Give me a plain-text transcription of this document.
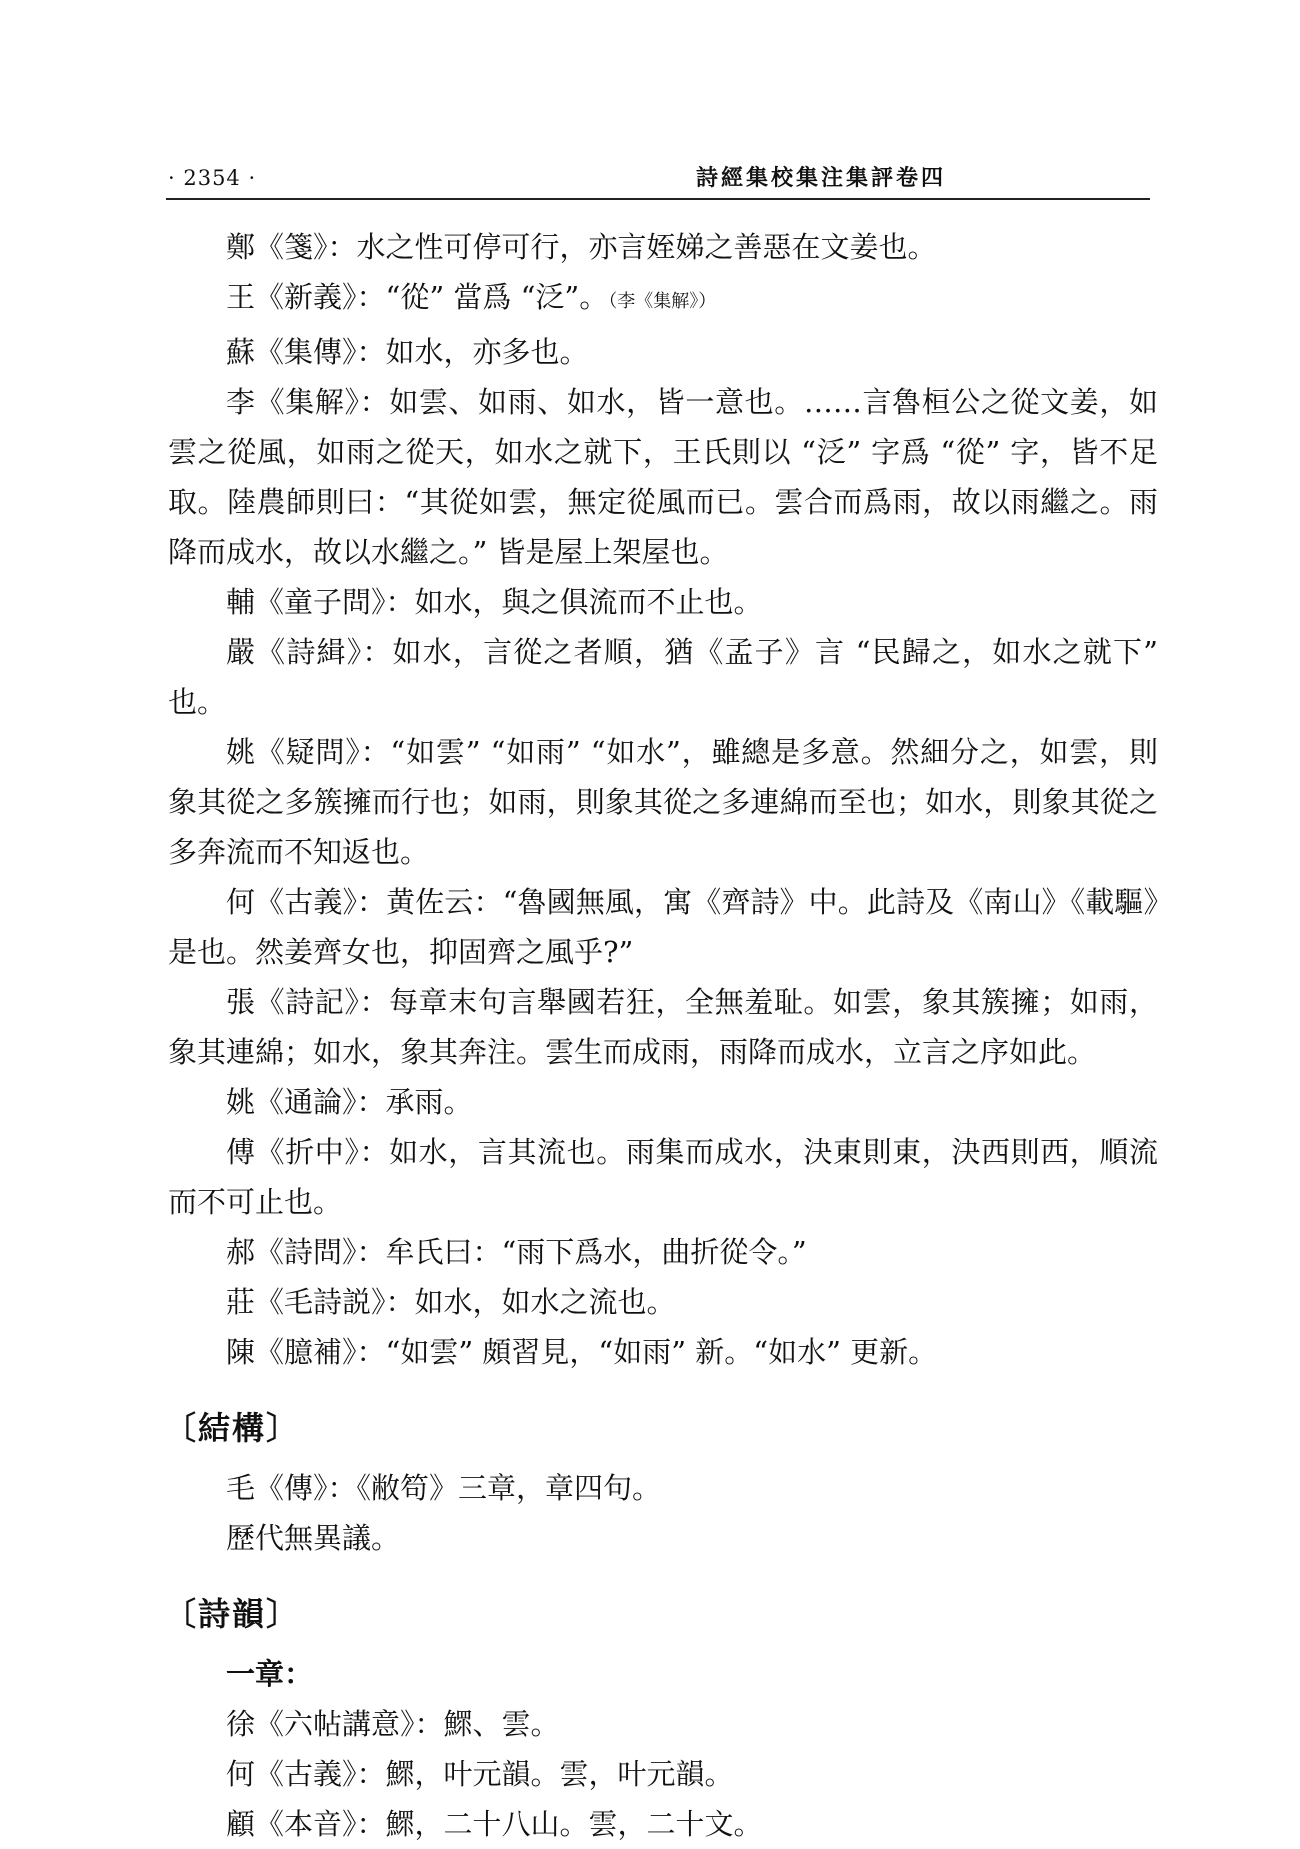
· 2354 ·	詩經集校集注集評卷四

鄭《箋》：水之性可停可行，亦言姪娣之善惡在文姜也。

王《新義》：“從” 當爲 “泛”。（李《集解》）

蘇《集傳》：如水，亦多也。

李《集解》：如雲、如雨、如水，皆一意也。……言魯桓公之從文姜，如雲之從風，如雨之從天，如水之就下，王氏則以 “泛” 字爲 “從” 字，皆不足取。陸農師則曰：“其從如雲，無定從風而已。雲合而爲雨，故以雨繼之。雨降而成水，故以水繼之。” 皆是屋上架屋也。

輔《童子問》：如水，與之俱流而不止也。

嚴《詩緝》：如水，言從之者順，猶《孟子》言 “民歸之，如水之就下” 也。

姚《疑問》：“如雲” “如雨” “如水”，雖總是多意。然細分之，如雲，則象其從之多簇擁而行也；如雨，則象其從之多連綿而至也；如水，則象其從之多奔流而不知返也。

何《古義》：黄佐云：“魯國無風，寓《齊詩》中。此詩及《南山》《載驅》是也。然姜齊女也，抑固齊之風乎?”

張《詩記》：每章末句言舉國若狂，全無羞耻。如雲，象其簇擁；如雨，象其連綿；如水，象其奔注。雲生而成雨，雨降而成水，立言之序如此。

姚《通論》：承雨。

傅《折中》：如水，言其流也。雨集而成水，決東則東，決西則西，順流而不可止也。

郝《詩問》：牟氏曰：“雨下爲水，曲折從令。”

莊《毛詩説》：如水，如水之流也。

陳《臆補》：“如雲” 頗習見，“如雨” 新。“如水” 更新。

〔結構〕

毛《傳》：《敝笱》三章，章四句。

歷代無異議。

〔詩韻〕

一章：

徐《六帖講意》：鰥、雲。

何《古義》：鰥，叶元韻。雲，叶元韻。

顧《本音》：鰥，二十八山。雲，二十文。
